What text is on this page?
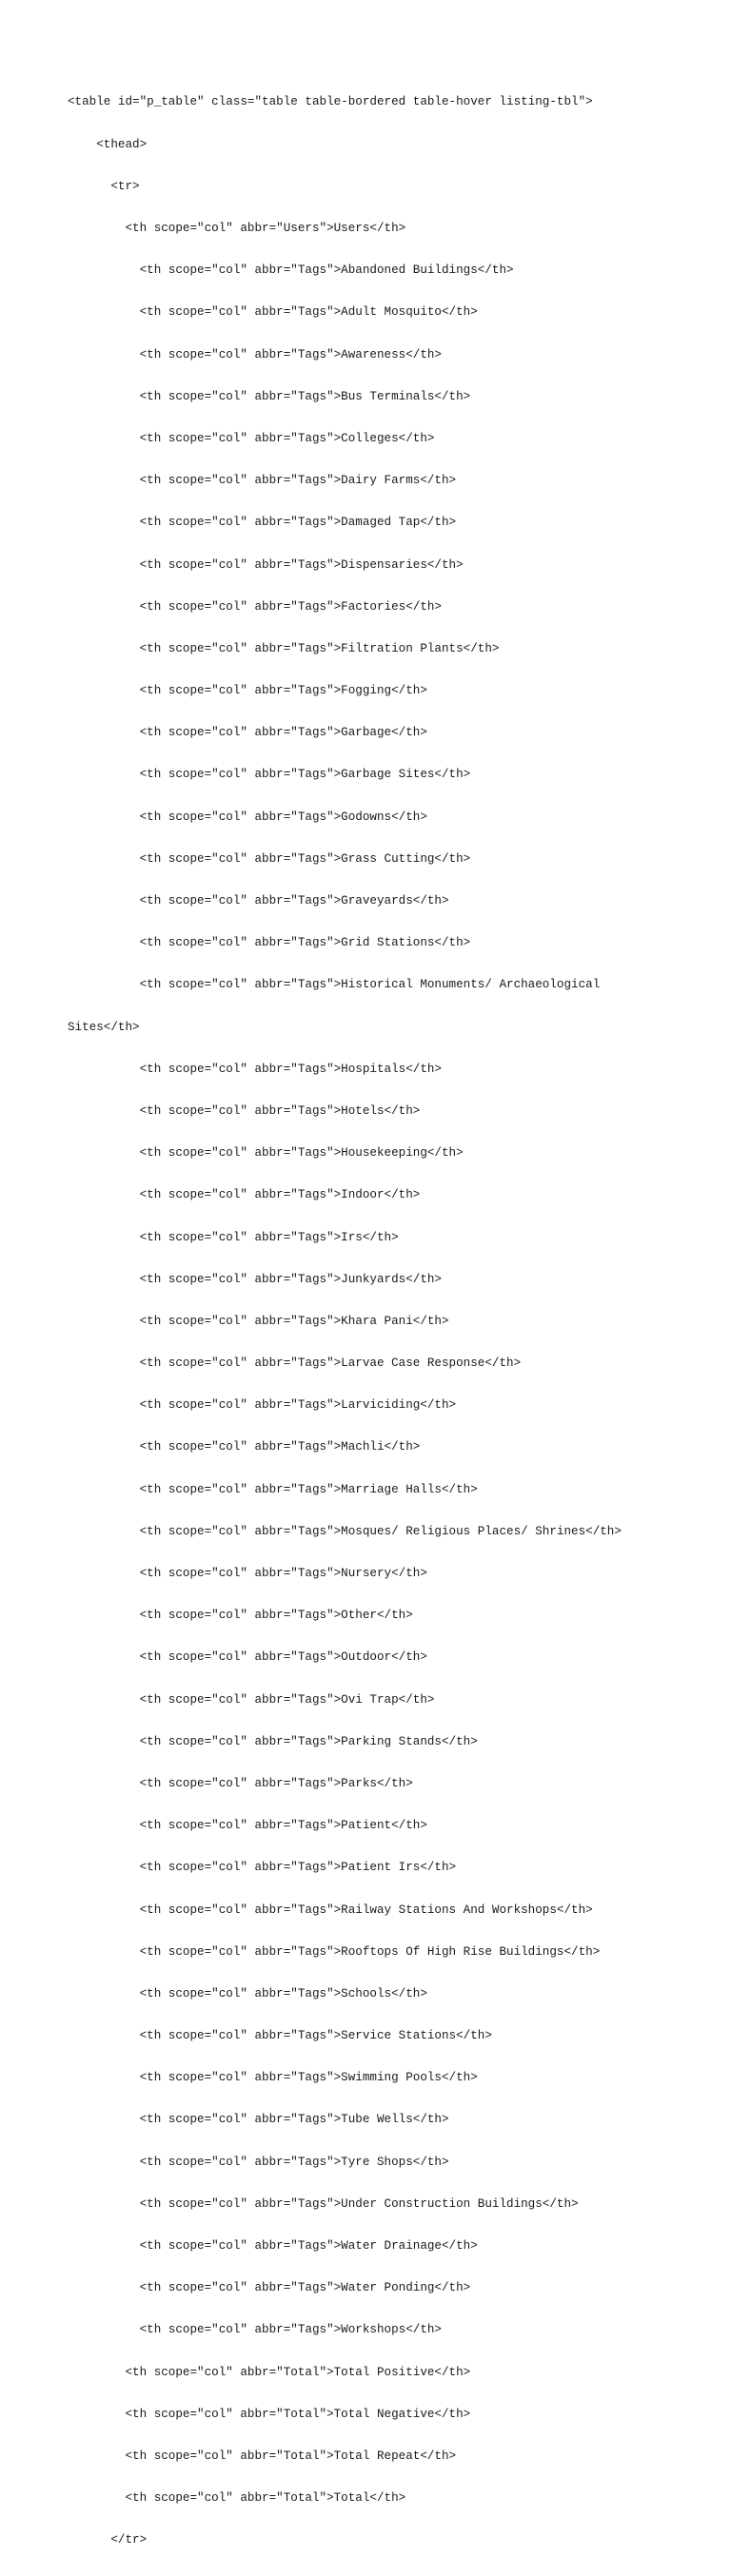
<table id="p_table" class="table table-bordered table-hover listing-tbl">

<thead>

<tr>

<th scope="col" abbr="Users">Users</th>

<th scope="col" abbr="Tags">Abandoned Buildings</th>

<th scope="col" abbr="Tags">Adult Mosquito</th>

<th scope="col" abbr="Tags">Awareness</th>

<th scope="col" abbr="Tags">Bus Terminals</th>

<th scope="col" abbr="Tags">Colleges</th>

<th scope="col" abbr="Tags">Dairy Farms</th>

<th scope="col" abbr="Tags">Damaged Tap</th>

<th scope="col" abbr="Tags">Dispensaries</th>

<th scope="col" abbr="Tags">Factories</th>

<th scope="col" abbr="Tags">Filtration Plants</th>

<th scope="col" abbr="Tags">Fogging</th>

<th scope="col" abbr="Tags">Garbage</th>

<th scope="col" abbr="Tags">Garbage Sites</th>

<th scope="col" abbr="Tags">Godowns</th>

<th scope="col" abbr="Tags">Grass Cutting</th>

<th scope="col" abbr="Tags">Graveyards</th>

<th scope="col" abbr="Tags">Grid Stations</th>

<th scope="col" abbr="Tags">Historical Monuments/ Archaeological

Sites</th>

<th scope="col" abbr="Tags">Hospitals</th>

<th scope="col" abbr="Tags">Hotels</th>

<th scope="col" abbr="Tags">Housekeeping</th>

<th scope="col" abbr="Tags">Indoor</th>

<th scope="col" abbr="Tags">Irs</th>

<th scope="col" abbr="Tags">Junkyards</th>

<th scope="col" abbr="Tags">Khara Pani</th>

<th scope="col" abbr="Tags">Larvae Case Response</th>

<th scope="col" abbr="Tags">Larviciding</th>

<th scope="col" abbr="Tags">Machli</th>

<th scope="col" abbr="Tags">Marriage Halls</th>

<th scope="col" abbr="Tags">Mosques/ Religious Places/ Shrines</th>

<th scope="col" abbr="Tags">Nursery</th>

<th scope="col" abbr="Tags">Other</th>

<th scope="col" abbr="Tags">Outdoor</th>

<th scope="col" abbr="Tags">Ovi Trap</th>

<th scope="col" abbr="Tags">Parking Stands</th>

<th scope="col" abbr="Tags">Parks</th>

<th scope="col" abbr="Tags">Patient</th>

<th scope="col" abbr="Tags">Patient Irs</th>

<th scope="col" abbr="Tags">Railway Stations And Workshops</th>

<th scope="col" abbr="Tags">Rooftops Of High Rise Buildings</th>

<th scope="col" abbr="Tags">Schools</th>

<th scope="col" abbr="Tags">Service Stations</th>

<th scope="col" abbr="Tags">Swimming Pools</th>

<th scope="col" abbr="Tags">Tube Wells</th>

<th scope="col" abbr="Tags">Tyre Shops</th>

<th scope="col" abbr="Tags">Under Construction Buildings</th>

<th scope="col" abbr="Tags">Water Drainage</th>

<th scope="col" abbr="Tags">Water Ponding</th>

<th scope="col" abbr="Tags">Workshops</th>

<th scope="col" abbr="Total">Total Positive</th>

<th scope="col" abbr="Total">Total Negative</th>

<th scope="col" abbr="Total">Total Repeat</th>

<th scope="col" abbr="Total">Total</th>

</tr>
